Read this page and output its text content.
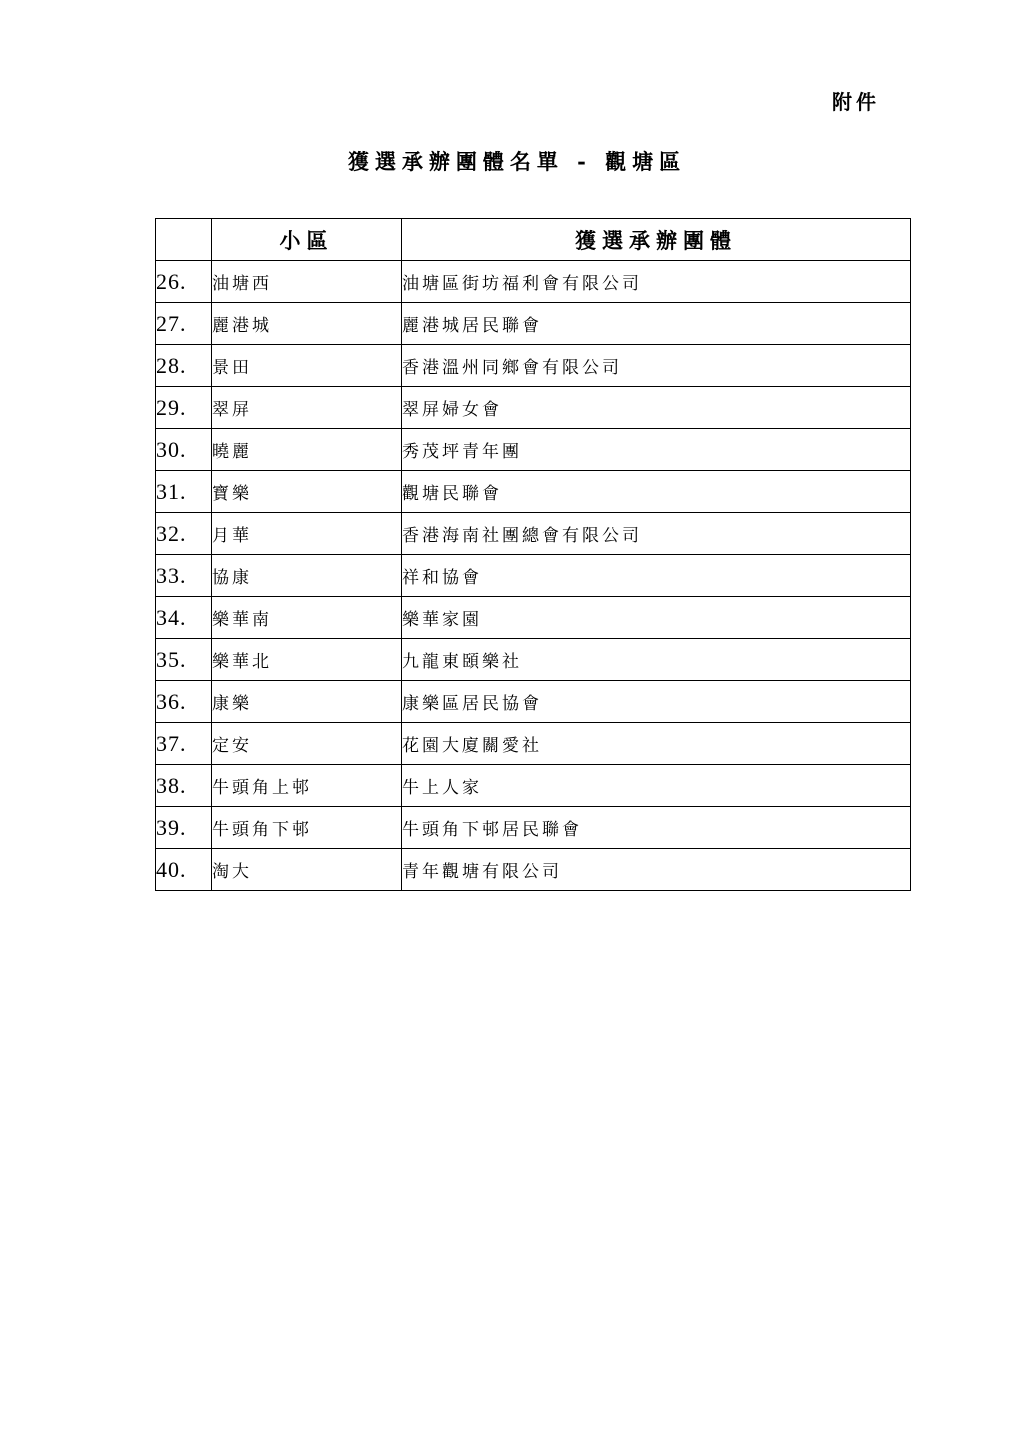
附件
獲選承辦團體名單 - 觀塘區
	小區	獲選承辦團體
26.	油塘西	油塘區街坊福利會有限公司
27.	麗港城	麗港城居民聯會
28.	景田	香港溫州同鄉會有限公司
29.	翠屏	翠屏婦女會
30.	曉麗	秀茂坪青年團
31.	寶樂	觀塘民聯會
32.	月華	香港海南社團總會有限公司
33.	協康	祥和協會
34.	樂華南	樂華家園
35.	樂華北	九龍東頣樂社
36.	康樂	康樂區居民協會
37.	定安	花園大廈關愛社
38.	牛頭角上邨	牛上人家
39.	牛頭角下邨	牛頭角下邨居民聯會
40.	淘大	青年觀塘有限公司
